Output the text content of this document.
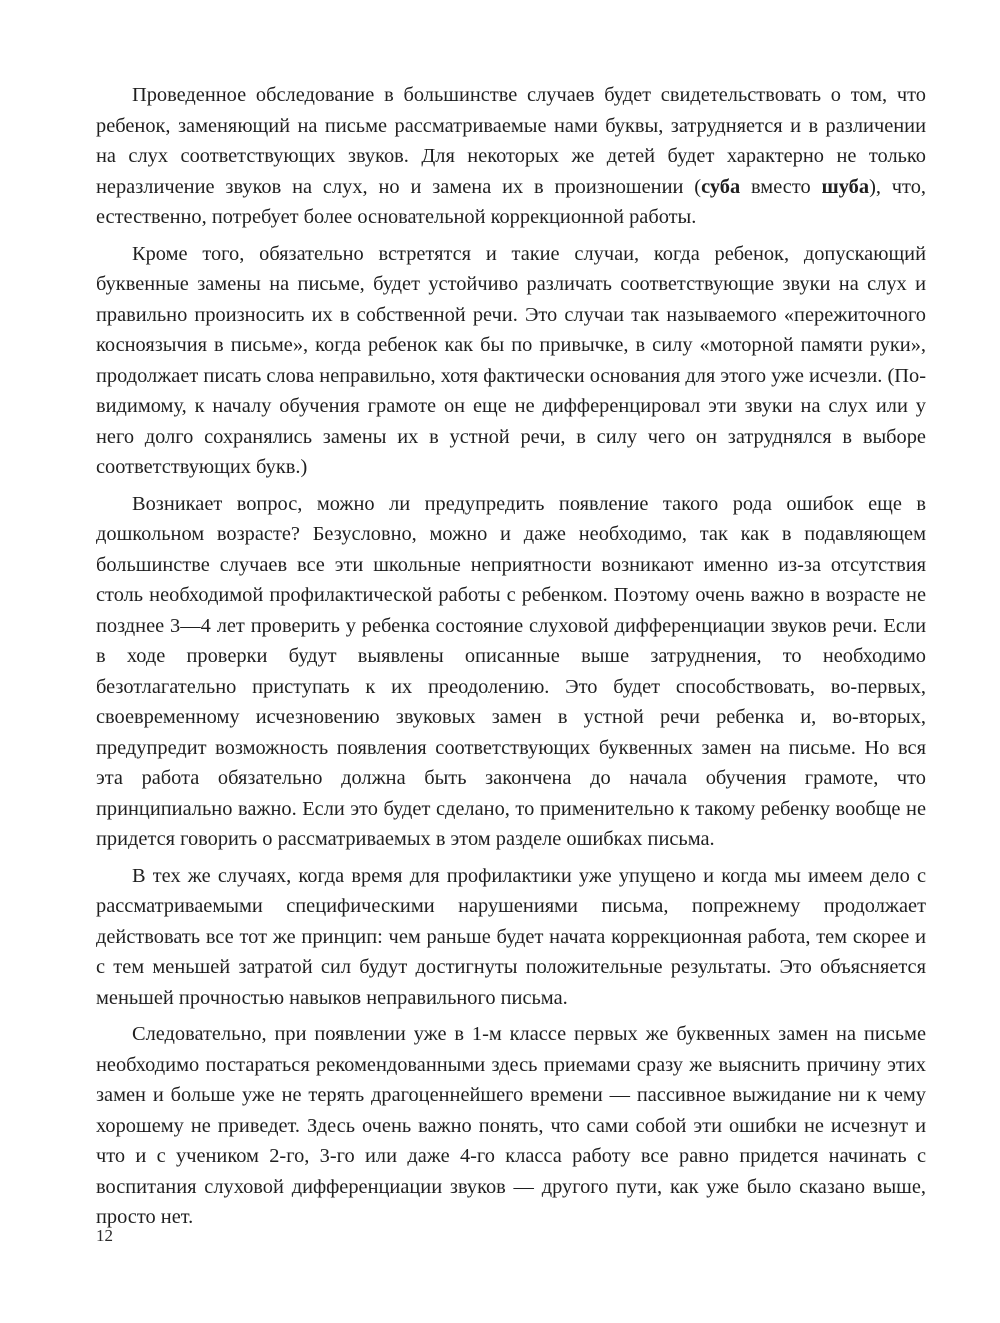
Проведенное обследование в большинстве случаев будет свидетельствовать о том, что ребенок, заменяющий на письме рассматриваемые нами буквы, затрудняется и в различении на слух соответствующих звуков. Для некоторых же детей будет характерно не только неразличение звуков на слух, но и замена их в произношении (суба вместо шуба), что, естественно, потребует более основательной коррекционной работы.

Кроме того, обязательно встретятся и такие случаи, когда ребенок, допускающий буквенные замены на письме, будет устойчиво различать соответствующие звуки на слух и правильно произносить их в собственной речи. Это случаи так называемого «пережиточного косноязычия в письме», когда ребенок как бы по привычке, в силу «моторной памяти руки», продолжает писать слова неправильно, хотя фактически основания для этого уже исчезли. (По-видимому, к началу обучения грамоте он еще не дифференцировал эти звуки на слух или у него долго сохранялись замены их в устной речи, в силу чего он затруднялся в выборе соответствующих букв.)

Возникает вопрос, можно ли предупредить появление такого рода ошибок еще в дошкольном возрасте? Безусловно, можно и даже необходимо, так как в подавляющем большинстве случаев все эти школьные неприятности возникают именно из-за отсутствия столь необходимой профилактической работы с ребенком. Поэтому очень важно в возрасте не позднее 3—4 лет проверить у ребенка состояние слуховой дифференциации звуков речи. Если в ходе проверки будут выявлены описанные выше затруднения, то необходимо безотлагательно приступать к их преодолению. Это будет способствовать, во-первых, своевременному исчезновению звуковых замен в устной речи ребенка и, во-вторых, предупредит возможность появления соответствующих буквенных замен на письме. Но вся эта работа обязательно должна быть закончена до начала обучения грамоте, что принципиально важно. Если это будет сделано, то применительно к такому ребенку вообще не придется говорить о рассматриваемых в этом разделе ошибках письма.

В тех же случаях, когда время для профилактики уже упущено и когда мы имеем дело с рассматриваемыми специфическими нарушениями письма, попрежнему продолжает действовать все тот же принцип: чем раньше будет начата коррекционная работа, тем скорее и с тем меньшей затратой сил будут достигнуты положительные результаты. Это объясняется меньшей прочностью навыков неправильного письма.

Следовательно, при появлении уже в 1-м классе первых же буквенных замен на письме необходимо постараться рекомендованными здесь приемами сразу же выяснить причину этих замен и больше уже не терять драгоценнейшего времени — пассивное выжидание ни к чему хорошему не приведет. Здесь очень важно понять, что сами собой эти ошибки не исчезнут и что и с учеником 2-го, 3-го или даже 4-го класса работу все равно придется начинать с воспитания слуховой дифференциации звуков — другого пути, как уже было сказано выше, просто нет.

12
